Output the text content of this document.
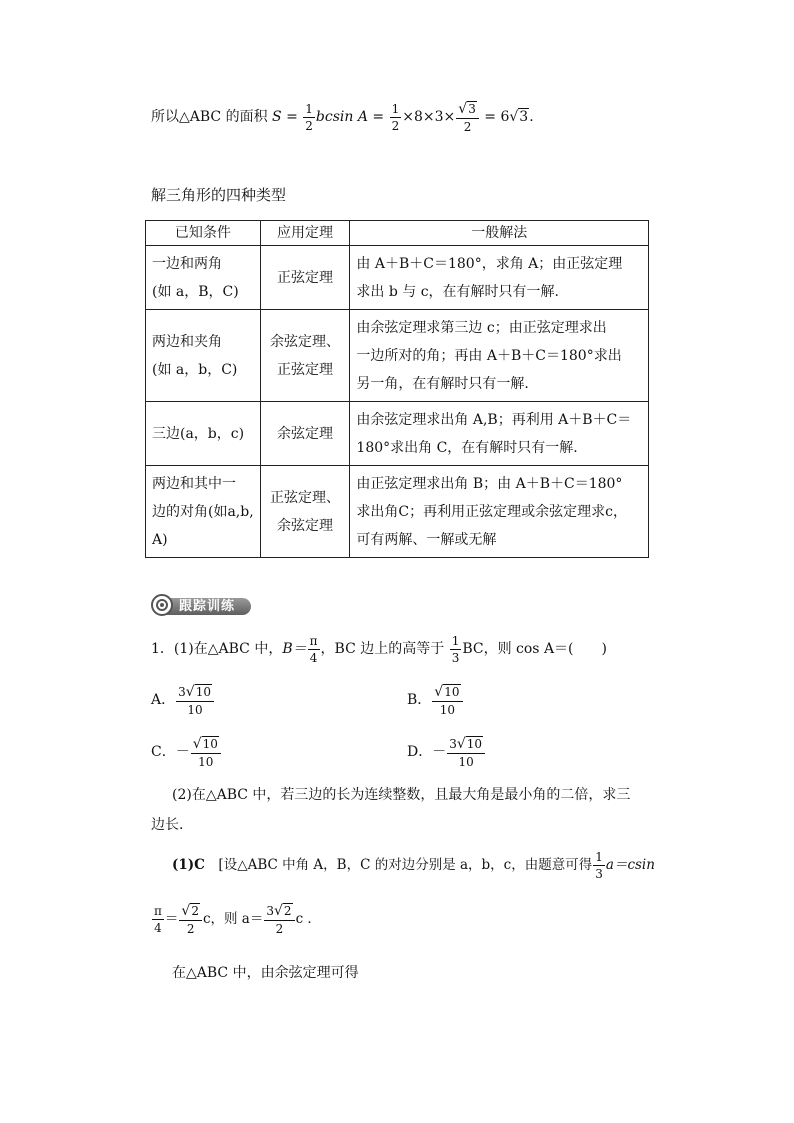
所以△ABC 的面积 $S = \frac{1}{2}$ bcsin $A = \frac{1}{2} \times 8\times 3\times \frac{√3}{2} = 6√3$.
解三角形的四种类型
已知条件	应用定理	一般解法

一边和两角
(如 a，B，C)	正弦定理	由 A＋B＋C＝180°，求角 A；由正弦定理
求出 b 与 c，在有解时只有一解.

两边和夹角
(如 a，b，C)	余弦定理、
正弦定理	由余弦定理求第三边 c；由正弦定理求出
一边所对的角；再由 A＋B＋C＝180°求出
另一角，在有解时只有一解.

三边(a，b，c)	余弦定理	由余弦定理求出角 A,B；再利用 A＋B＋C＝
180°求出角 C，在有解时只有一解.

两边和其中一
边的对角(如a,b,
A)	正弦定理、
余弦定理	由正弦定理求出角 B；由 A＋B＋C＝180°
求出角C；再利用正弦定理或余弦定理求c，
可有两解、一解或无解
跟踪训练
1．(1)在△ABC 中，$B= \frac{\pi}{4}$ ，BC 边上的高等于 $\frac{1}{3}$ BC，则 cos A＝(　　)
A． $\frac{3√10}{10}$	B． $\frac{√10}{10}$
C．－ $\frac{√10}{10}$	D．－ $\frac{3√10}{10}$
(2)在△ABC 中，若三边的长为连续整数，且最大角是最小角的二倍，求三
边长.
(1)C　[设△ABC 中角 A，B，C 的对边分别是 a，b，c，由题意可得 $\frac{1}{3} a=csin$
$\frac{\pi}{4} = \frac{√2}{2}$ c，则 $a= \frac{3√2}{2}$ c ．
在△ABC 中，由余弦定理可得
